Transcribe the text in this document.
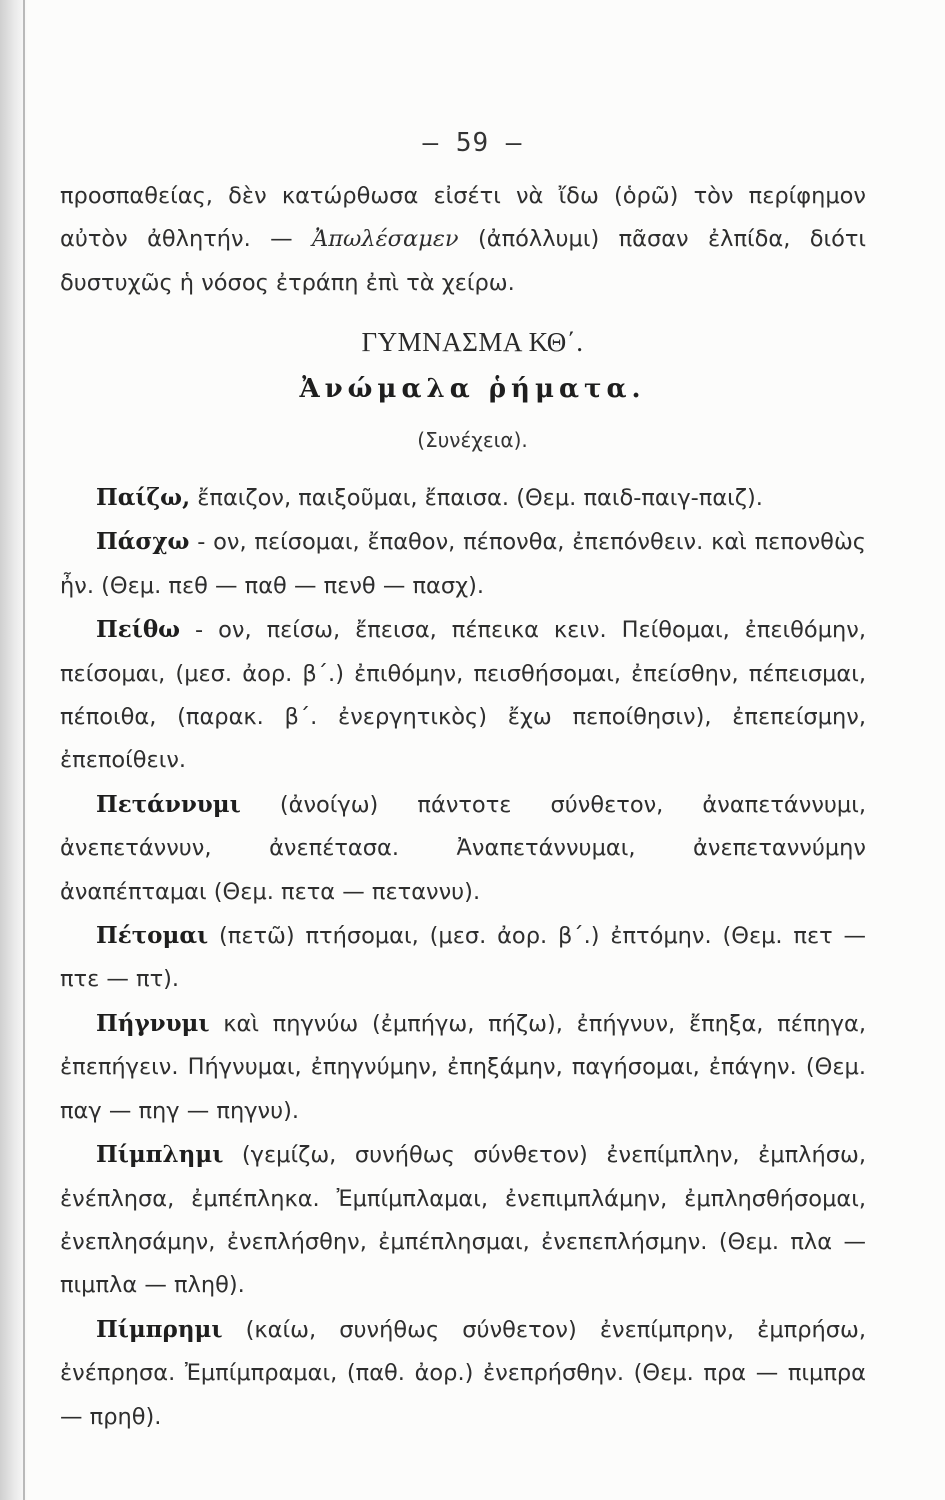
— 59 —

προσπαθείας, δὲν κατώρθωσα εἰσέτι νὰ ἴδω (ὁρῶ) τὸν περίφημον αὐτὸν ἀθλητήν. — Ἀπωλέσαμεν (ἀπόλλυμι) πᾶσαν ἐλπίδα, διότι δυστυχῶς ἡ νόσος ἐτράπη ἐπὶ τὰ χείρω.

ΓΥΜΝΑΣΜΑ ΚΘ΄.
Ἀνώμαλα ῥήματα.
(Συνέχεια).

Παίζω, ἔπαιζον, παιξοῦμαι, ἔπαισα. (Θεμ. παιδ-παιγ-παιζ).

Πάσχω - ον, πείσομαι, ἔπαθον, πέπονθα, ἐπεπόνθειν. καὶ πεπονθὼς ἦν. (Θεμ. πεθ — παθ — πενθ — πασχ).

Πείθω - ον, πείσω, ἔπεισα, πέπεικα κειν. Πείθομαι, ἐπειθόμην, πείσομαι, (μεσ. ἀορ. β΄.) ἐπιθόμην, πεισθήσομαι, ἐπείσθην, πέπεισμαι, πέποιθα, (παρακ. β΄. ἐνεργητικὸς) ἔχω πεποίθησιν), ἐπεπείσμην, ἐπεποίθειν.

Πετάννυμι (ἀνοίγω) πάντοτε σύνθετον, ἀναπετάννυμι, ἀνεπετάννυν, ἀνεπέτασα. Ἀναπετάννυμαι, ἀνεπεταννύμην ἀναπέπταμαι (Θεμ. πετα — πεταννυ).

Πέτομαι (πετῶ) πτήσομαι, (μεσ. ἀορ. β΄.) ἐπτόμην. (Θεμ. πετ — πτε — πτ).

Πήγνυμι καὶ πηγνύω (ἐμπήγω, πήζω), ἐπήγνυν, ἔπηξα, πέπηγα, ἐπεπήγειν. Πήγνυμαι, ἐπηγνύμην, ἐπηξάμην, παγήσομαι, ἐπάγην. (Θεμ. παγ — πηγ — πηγνυ).

Πίμπλημι (γεμίζω, συνήθως σύνθετον) ἐνεπίμπλην, ἐμπλήσω, ἐνέπλησα, ἐμπέπληκα. Ἐμπίμπλαμαι, ἐνεπιμπλάμην, ἐμπλησθήσομαι, ἐνεπλησάμην, ἐνεπλήσθην, ἐμπέπλησμαι, ἐνεπεπλήσμην. (Θεμ. πλα — πιμπλα — πληθ).

Πίμπρημι (καίω, συνήθως σύνθετον) ἐνεπίμπρην, ἐμπρήσω, ἐνέπρησα. Ἐμπίμπραμαι, (παθ. ἀορ.) ἐνεπρήσθην. (Θεμ. πρα — πιμπρα — πρηθ).
